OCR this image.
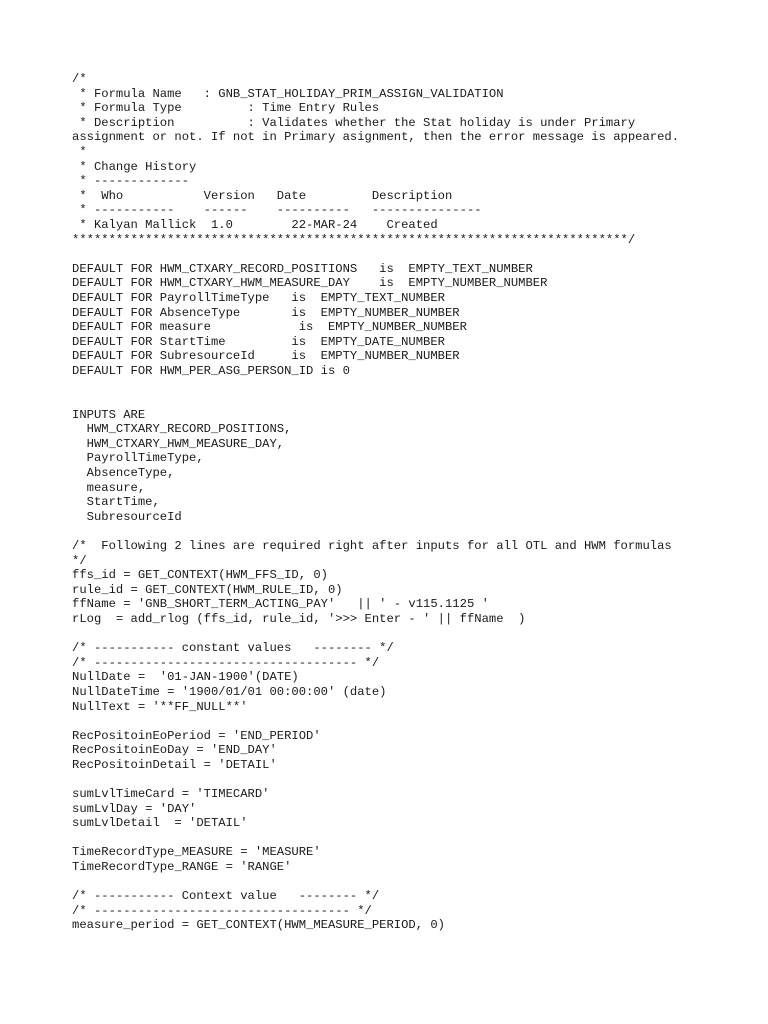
/*
* Formula Name   : GNB_STAT_HOLIDAY_PRIM_ASSIGN_VALIDATION
* Formula Type         : Time Entry Rules
* Description          : Validates whether the Stat holiday is under Primary
assignment or not. If not in Primary asignment, then the error message is appeared.
*
* Change History
* -------------
*  Who           Version   Date         Description
* -----------    ------    ----------   ---------------
* Kalyan Mallick  1.0        22-MAR-24    Created
****************************************************************************/
DEFAULT FOR HWM_CTXARY_RECORD_POSITIONS   is  EMPTY_TEXT_NUMBER
DEFAULT FOR HWM_CTXARY_HWM_MEASURE_DAY    is  EMPTY_NUMBER_NUMBER
DEFAULT FOR PayrollTimeType   is  EMPTY_TEXT_NUMBER
DEFAULT FOR AbsenceType       is  EMPTY_NUMBER_NUMBER
DEFAULT FOR measure            is  EMPTY_NUMBER_NUMBER
DEFAULT FOR StartTime         is  EMPTY_DATE_NUMBER
DEFAULT FOR SubresourceId     is  EMPTY_NUMBER_NUMBER
DEFAULT FOR HWM_PER_ASG_PERSON_ID is 0
INPUTS ARE
HWM_CTXARY_RECORD_POSITIONS,
HWM_CTXARY_HWM_MEASURE_DAY,
PayrollTimeType,
AbsenceType,
measure,
StartTime,
SubresourceId
/*  Following 2 lines are required right after inputs for all OTL and HWM formulas
*/
ffs_id = GET_CONTEXT(HWM_FFS_ID, 0)
rule_id = GET_CONTEXT(HWM_RULE_ID, 0)
ffName = 'GNB_SHORT_TERM_ACTING_PAY'   || ' - v115.1125 '
rLog  = add_rlog (ffs_id, rule_id, '>>> Enter - ' || ffName  )
/* ----------- constant values   -------- */
/* ------------------------------------ */
NullDate =  '01-JAN-1900'(DATE)
NullDateTime = '1900/01/01 00:00:00' (date)
NullText = '**FF_NULL**'
RecPositoinEoPeriod = 'END_PERIOD'
RecPositoinEoDay = 'END_DAY'
RecPositoinDetail = 'DETAIL'
sumLvlTimeCard = 'TIMECARD'
sumLvlDay = 'DAY'
sumLvlDetail  = 'DETAIL'
TimeRecordType_MEASURE = 'MEASURE'
TimeRecordType_RANGE = 'RANGE'
/* ----------- Context value   -------- */
/* ----------------------------------- */
measure_period = GET_CONTEXT(HWM_MEASURE_PERIOD, 0)
